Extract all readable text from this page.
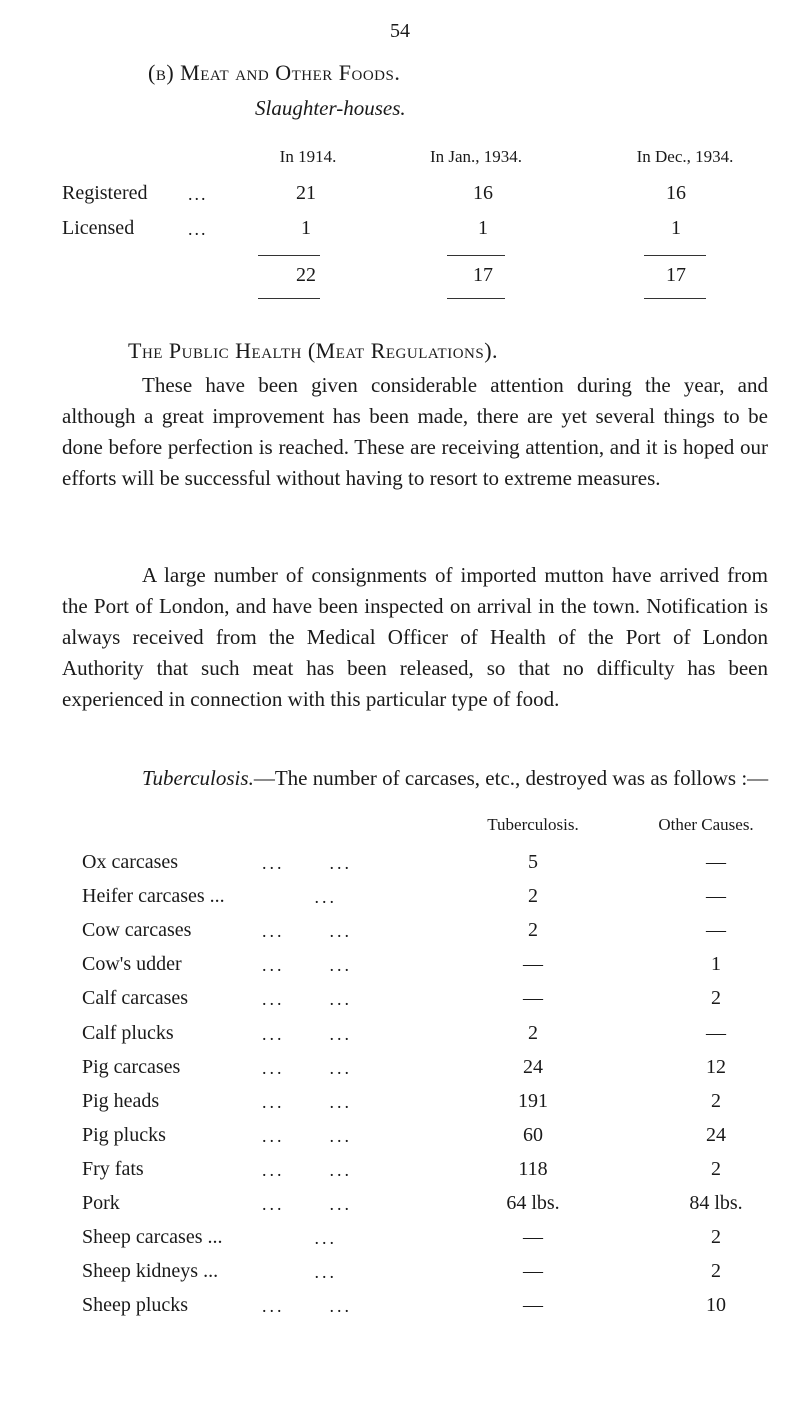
54
(b) Meat and Other Foods.
Slaughter-houses.
In 1914.	In Jan., 1934.	In Dec., 1934.
Registered ...	21	16	16
Licensed	...	1	1	1
22	17	17
The Public Health (Meat Regulations).
These have been given considerable attention during the year, and although a great improvement has been made, there are yet several things to be done before perfection is reached. These are receiving attention, and it is hoped our efforts will be successful without having to resort to extreme measures.
A large number of consignments of imported mutton have arrived from the Port of London, and have been inspected on arrival in the town. Notification is always received from the Medical Officer of Health of the Port of London Authority that such meat has been released, so that no difficulty has been experienced in connection with this particular type of food.
Tuberculosis.—The number of carcases, etc., destroyed was as follows :—
Tuberculosis.	Other Causes.
Ox carcases	...      ...	5	—
Heifer carcases ... ...	2	—
Cow carcases	...      ...	2	—
Cow's udder	...      ...	—	1
Calf carcases	...      ...	—	2
Calf plucks	...      ...	2	—
Pig carcases	...      ...	24	12
Pig heads	...      ...	191	2
Pig plucks	...      ...	60	24
Fry fats	...      ...	118	2
Pork	...      ...	64 lbs.	84 lbs.
Sheep carcases ... ...	—	2
Sheep kidneys ... ...	—	2
Sheep plucks	...      ...	—	10
